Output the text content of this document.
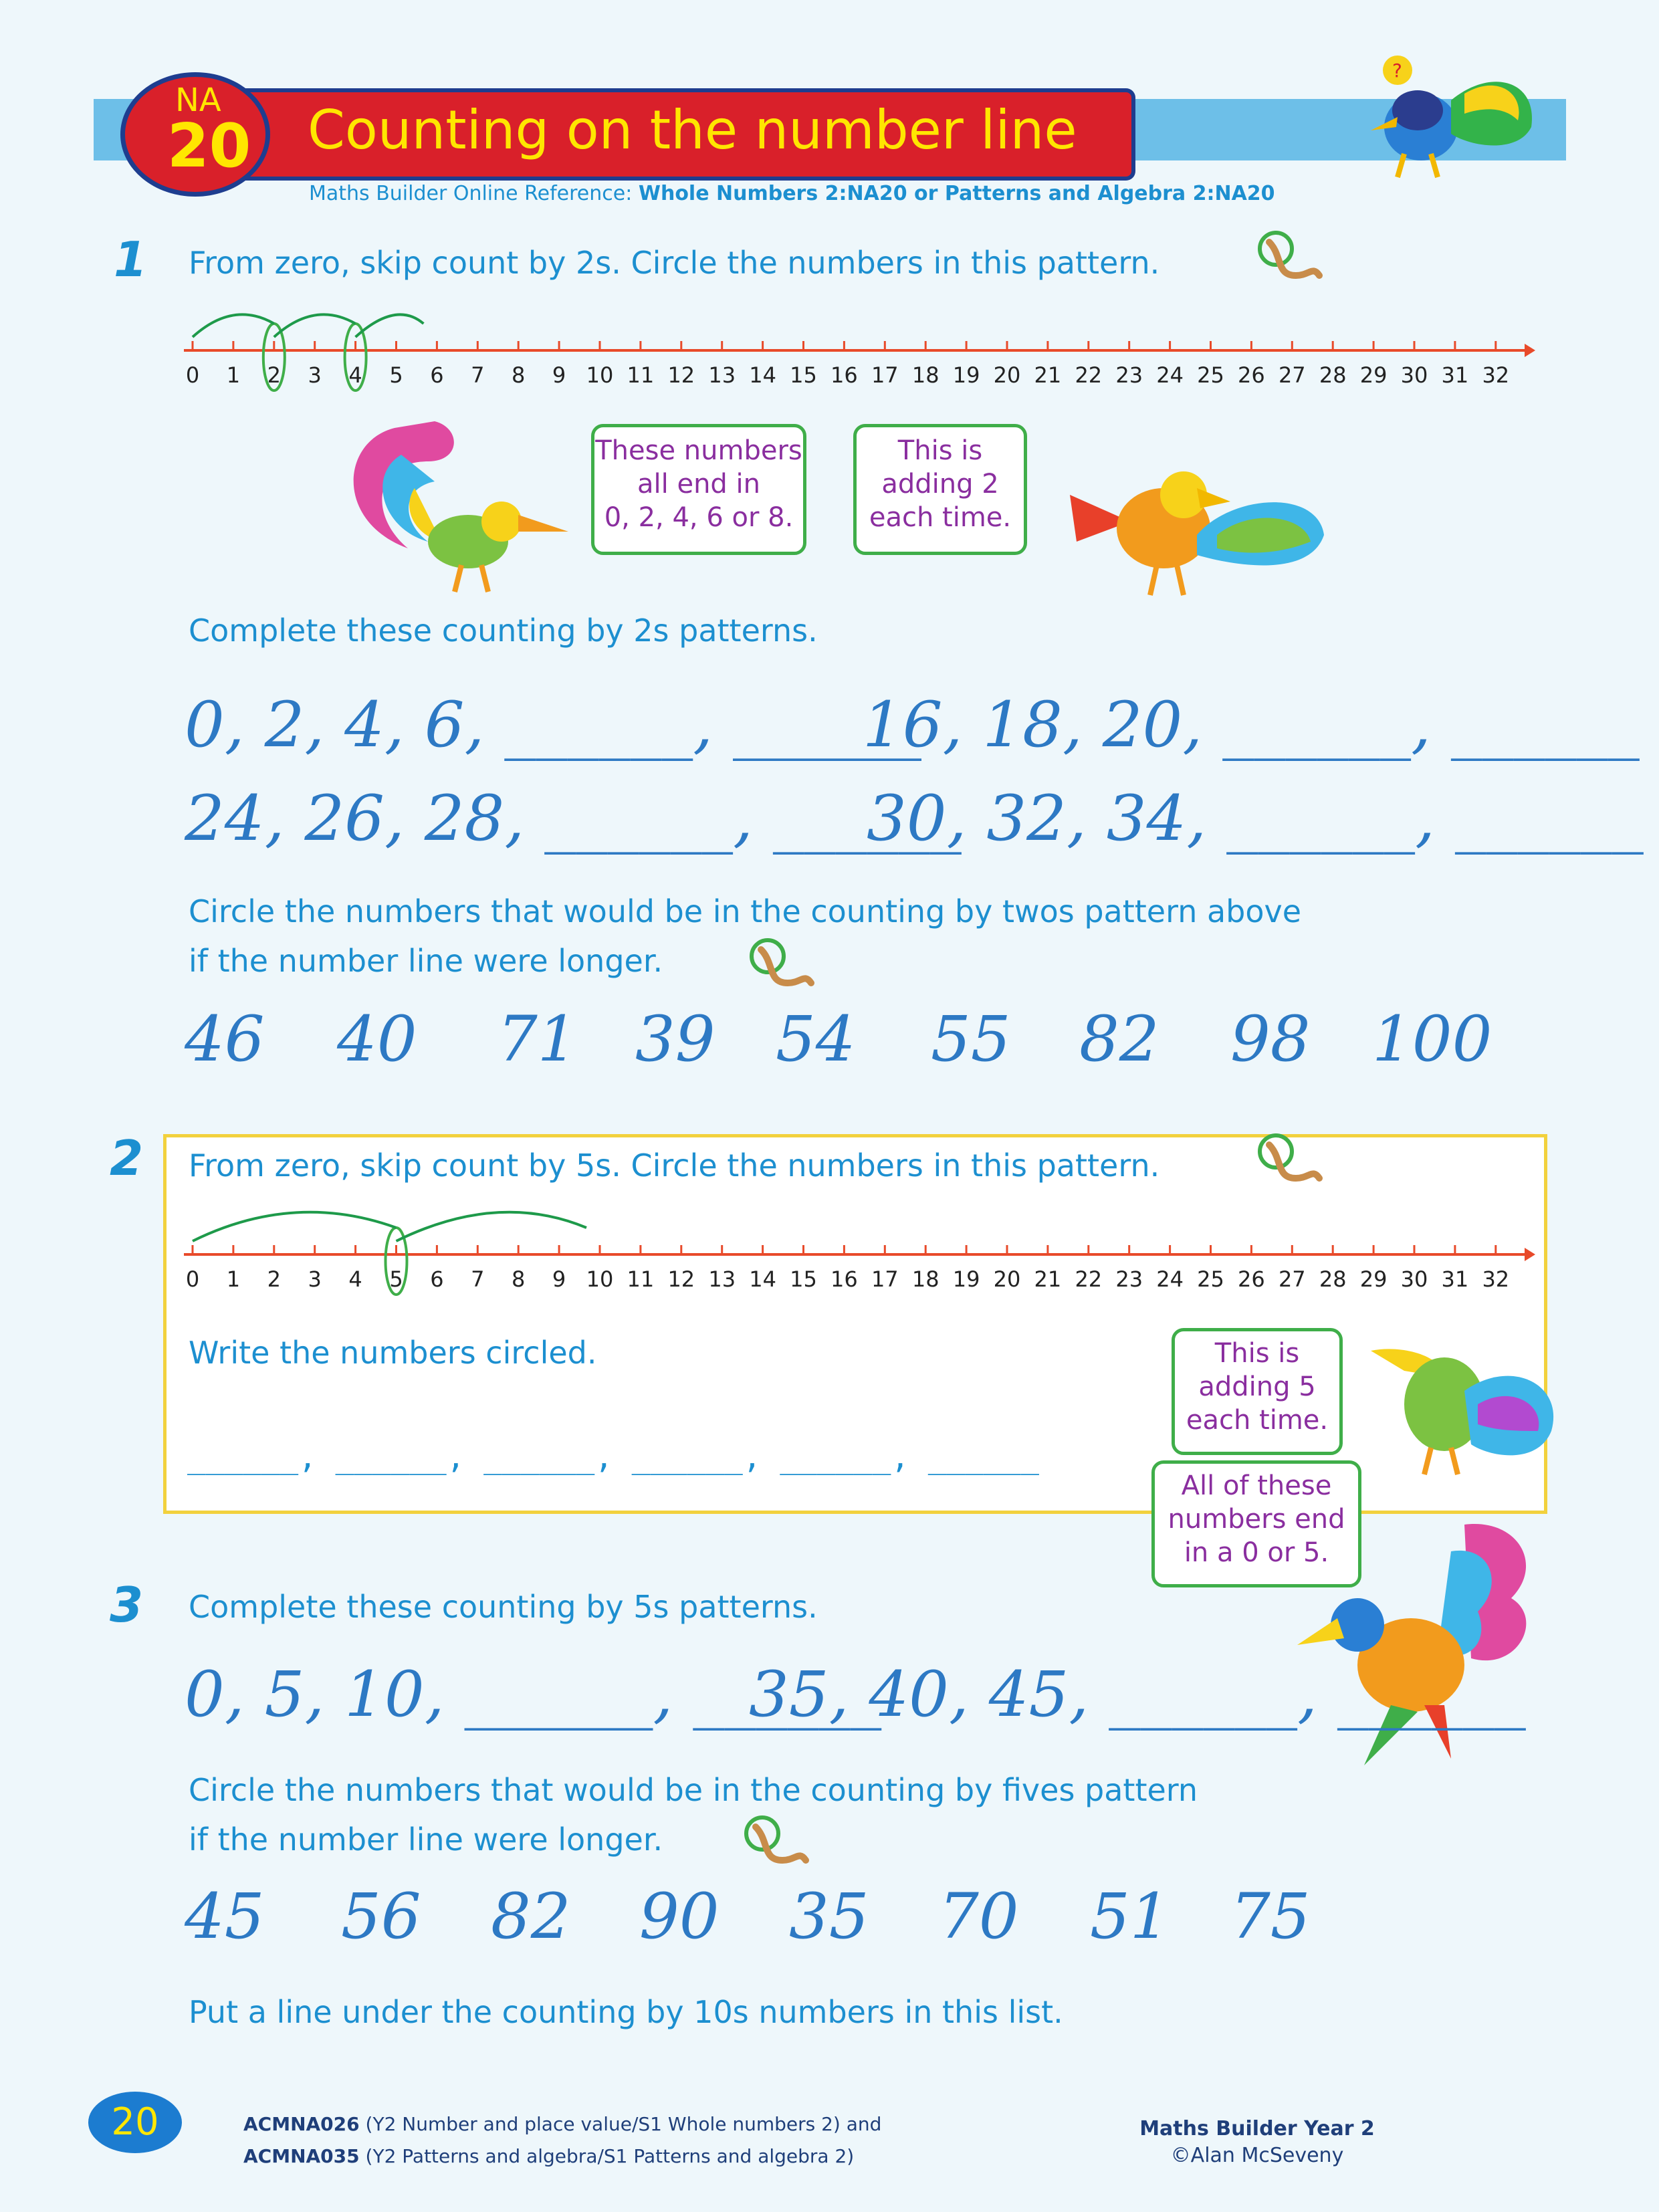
Counting on the number line
NA
20
Maths Builder Online Reference: Whole Numbers 2:NA20 or Patterns and Algebra 2:NA20
?
1 From zero, skip count by 2s. Circle the numbers in this pattern.
0 1 2 3 4 5 6 7 8 9 10 11 12 13 14 15 16 17 18 19 20 21 22 23 24 25 26 27 28 29 30 31 32
These numbers
all end in
0, 2, 4, 6 or 8.
This is
adding 2
each time.
Complete these counting by 2s patterns.
0, 2, 4, 6, ______, ______
16, 18, 20, ______, ______
24, 26, 28, ______, ______
30, 32, 34, ______, ______
Circle the numbers that would be in the counting by twos pattern above
if the number line were longer.
46 40 71 39 54 55 82 98 100
2 From zero, skip count by 5s. Circle the numbers in this pattern.
0 1 2 3 4 5 6 7 8 9 10 11 12 13 14 15 16 17 18 19 20 21 22 23 24 25 26 27 28 29 30 31 32
Write the numbers circled.
______, ______, ______, ______, ______, ______
This is
adding 5
each time.
All of these
numbers end
in a 0 or 5.
3 Complete these counting by 5s patterns.
0, 5, 10, ______, ______
35, 40, 45, ______, ______
Circle the numbers that would be in the counting by fives pattern
if the number line were longer.
45 56 82 90 35 70 51 75
Put a line under the counting by 10s numbers in this list.
20	ACMNA026 (Y2 Number and place value/S1 Whole numbers 2) and
ACMNA035 (Y2 Patterns and algebra/S1 Patterns and algebra 2)
Maths Builder Year 2
©Alan McSeveny
